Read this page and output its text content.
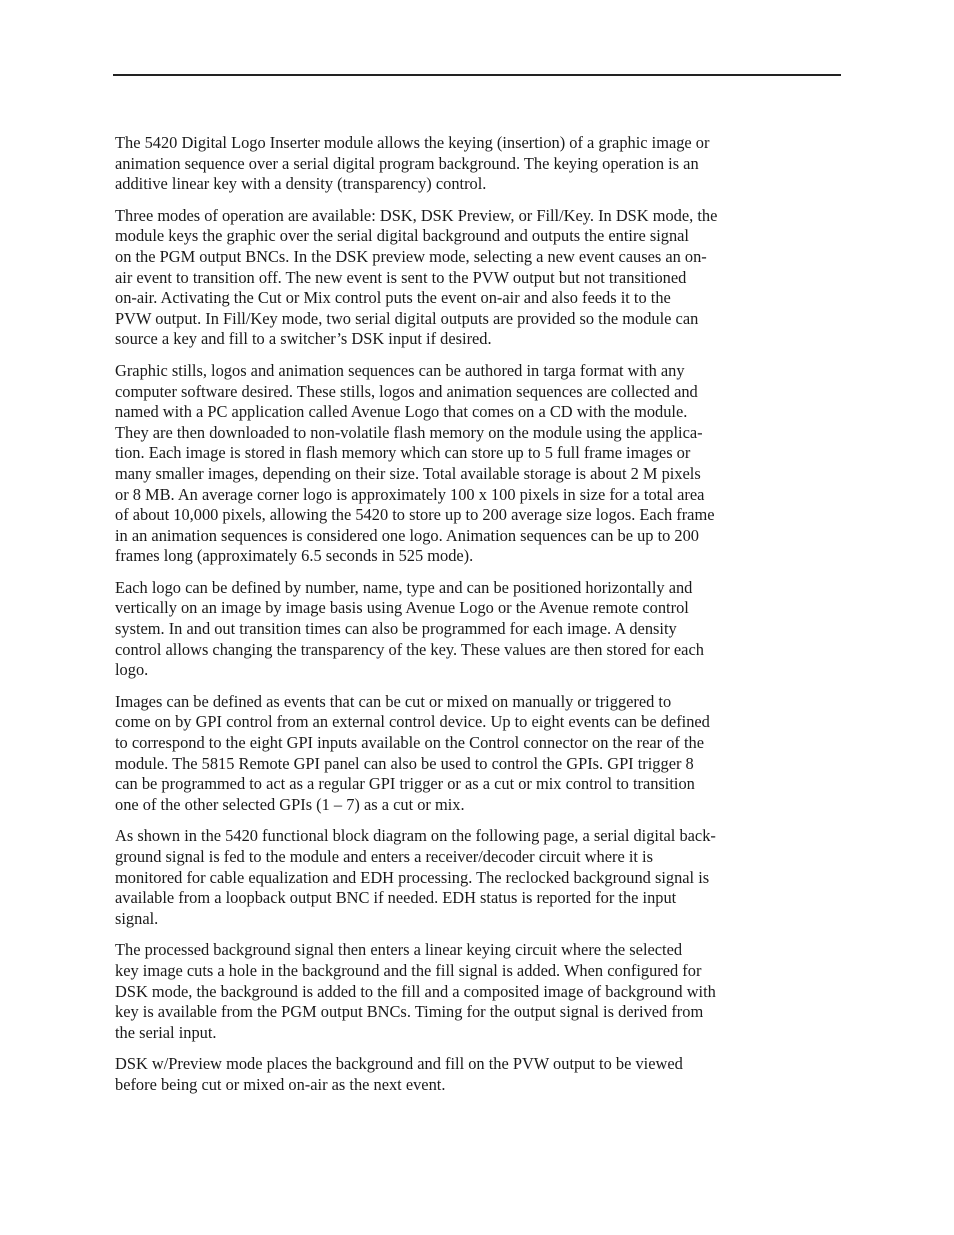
The 5420 Digital Logo Inserter module allows the keying (insertion) of a graphic image or
animation sequence over a serial digital program background. The keying operation is an
additive linear key with a density (transparency) control.

Three modes of operation are available: DSK, DSK Preview, or Fill/Key. In DSK mode, the
module keys the graphic over the serial digital background and outputs the entire signal
on the PGM output BNCs. In the DSK preview mode, selecting a new event causes an on-
air event to transition off. The new event is sent to the PVW output but not transitioned
on-air. Activating the Cut or Mix control puts the event on-air and also feeds it to the
PVW output. In Fill/Key mode, two serial digital outputs are provided so the module can
source a key and fill to a switcher’s DSK input if desired.

Graphic stills, logos and animation sequences can be authored in targa format with any
computer software desired. These stills, logos and animation sequences are collected and
named with a PC application called Avenue Logo that comes on a CD with the module.
They are then downloaded to non-volatile flash memory on the module using the applica-
tion. Each image is stored in flash memory which can store up to 5 full frame images or
many smaller images, depending on their size. Total available storage is about 2 M pixels
or 8 MB. An average corner logo is approximately 100 x 100 pixels in size for a total area
of about 10,000 pixels, allowing the 5420 to store up to 200 average size logos. Each frame
in an animation sequences is considered one logo. Animation sequences can be up to 200
frames long (approximately 6.5 seconds in 525 mode).

Each logo can be defined by number, name, type and can be positioned horizontally and
vertically on an image by image basis using Avenue Logo or the Avenue remote control
system. In and out transition times can also be programmed for each image. A density
control allows changing the transparency of the key. These values are then stored for each
logo.

Images can be defined as events that can be cut or mixed on manually or triggered to
come on by GPI control from an external control device. Up to eight events can be defined
to correspond to the eight GPI inputs available on the Control connector on the rear of the
module. The 5815 Remote GPI panel can also be used to control the GPIs. GPI trigger 8
can be programmed to act as a regular GPI trigger or as a cut or mix control to transition
one of the other selected GPIs (1 – 7) as a cut or mix.

As shown in the 5420 functional block diagram on the following page, a serial digital back-
ground signal is fed to the module and enters a receiver/decoder circuit where it is
monitored for cable equalization and EDH processing. The reclocked background signal is
available from a loopback output BNC if needed. EDH status is reported for the input
signal.

The processed background signal then enters a linear keying circuit where the selected
key image cuts a hole in the background and the fill signal is added. When configured for
DSK mode, the background is added to the fill and a composited image of background with
key is available from the PGM output BNCs. Timing for the output signal is derived from
the serial input.

DSK w/Preview mode places the background and fill on the PVW output to be viewed
before being cut or mixed on-air as the next event.
